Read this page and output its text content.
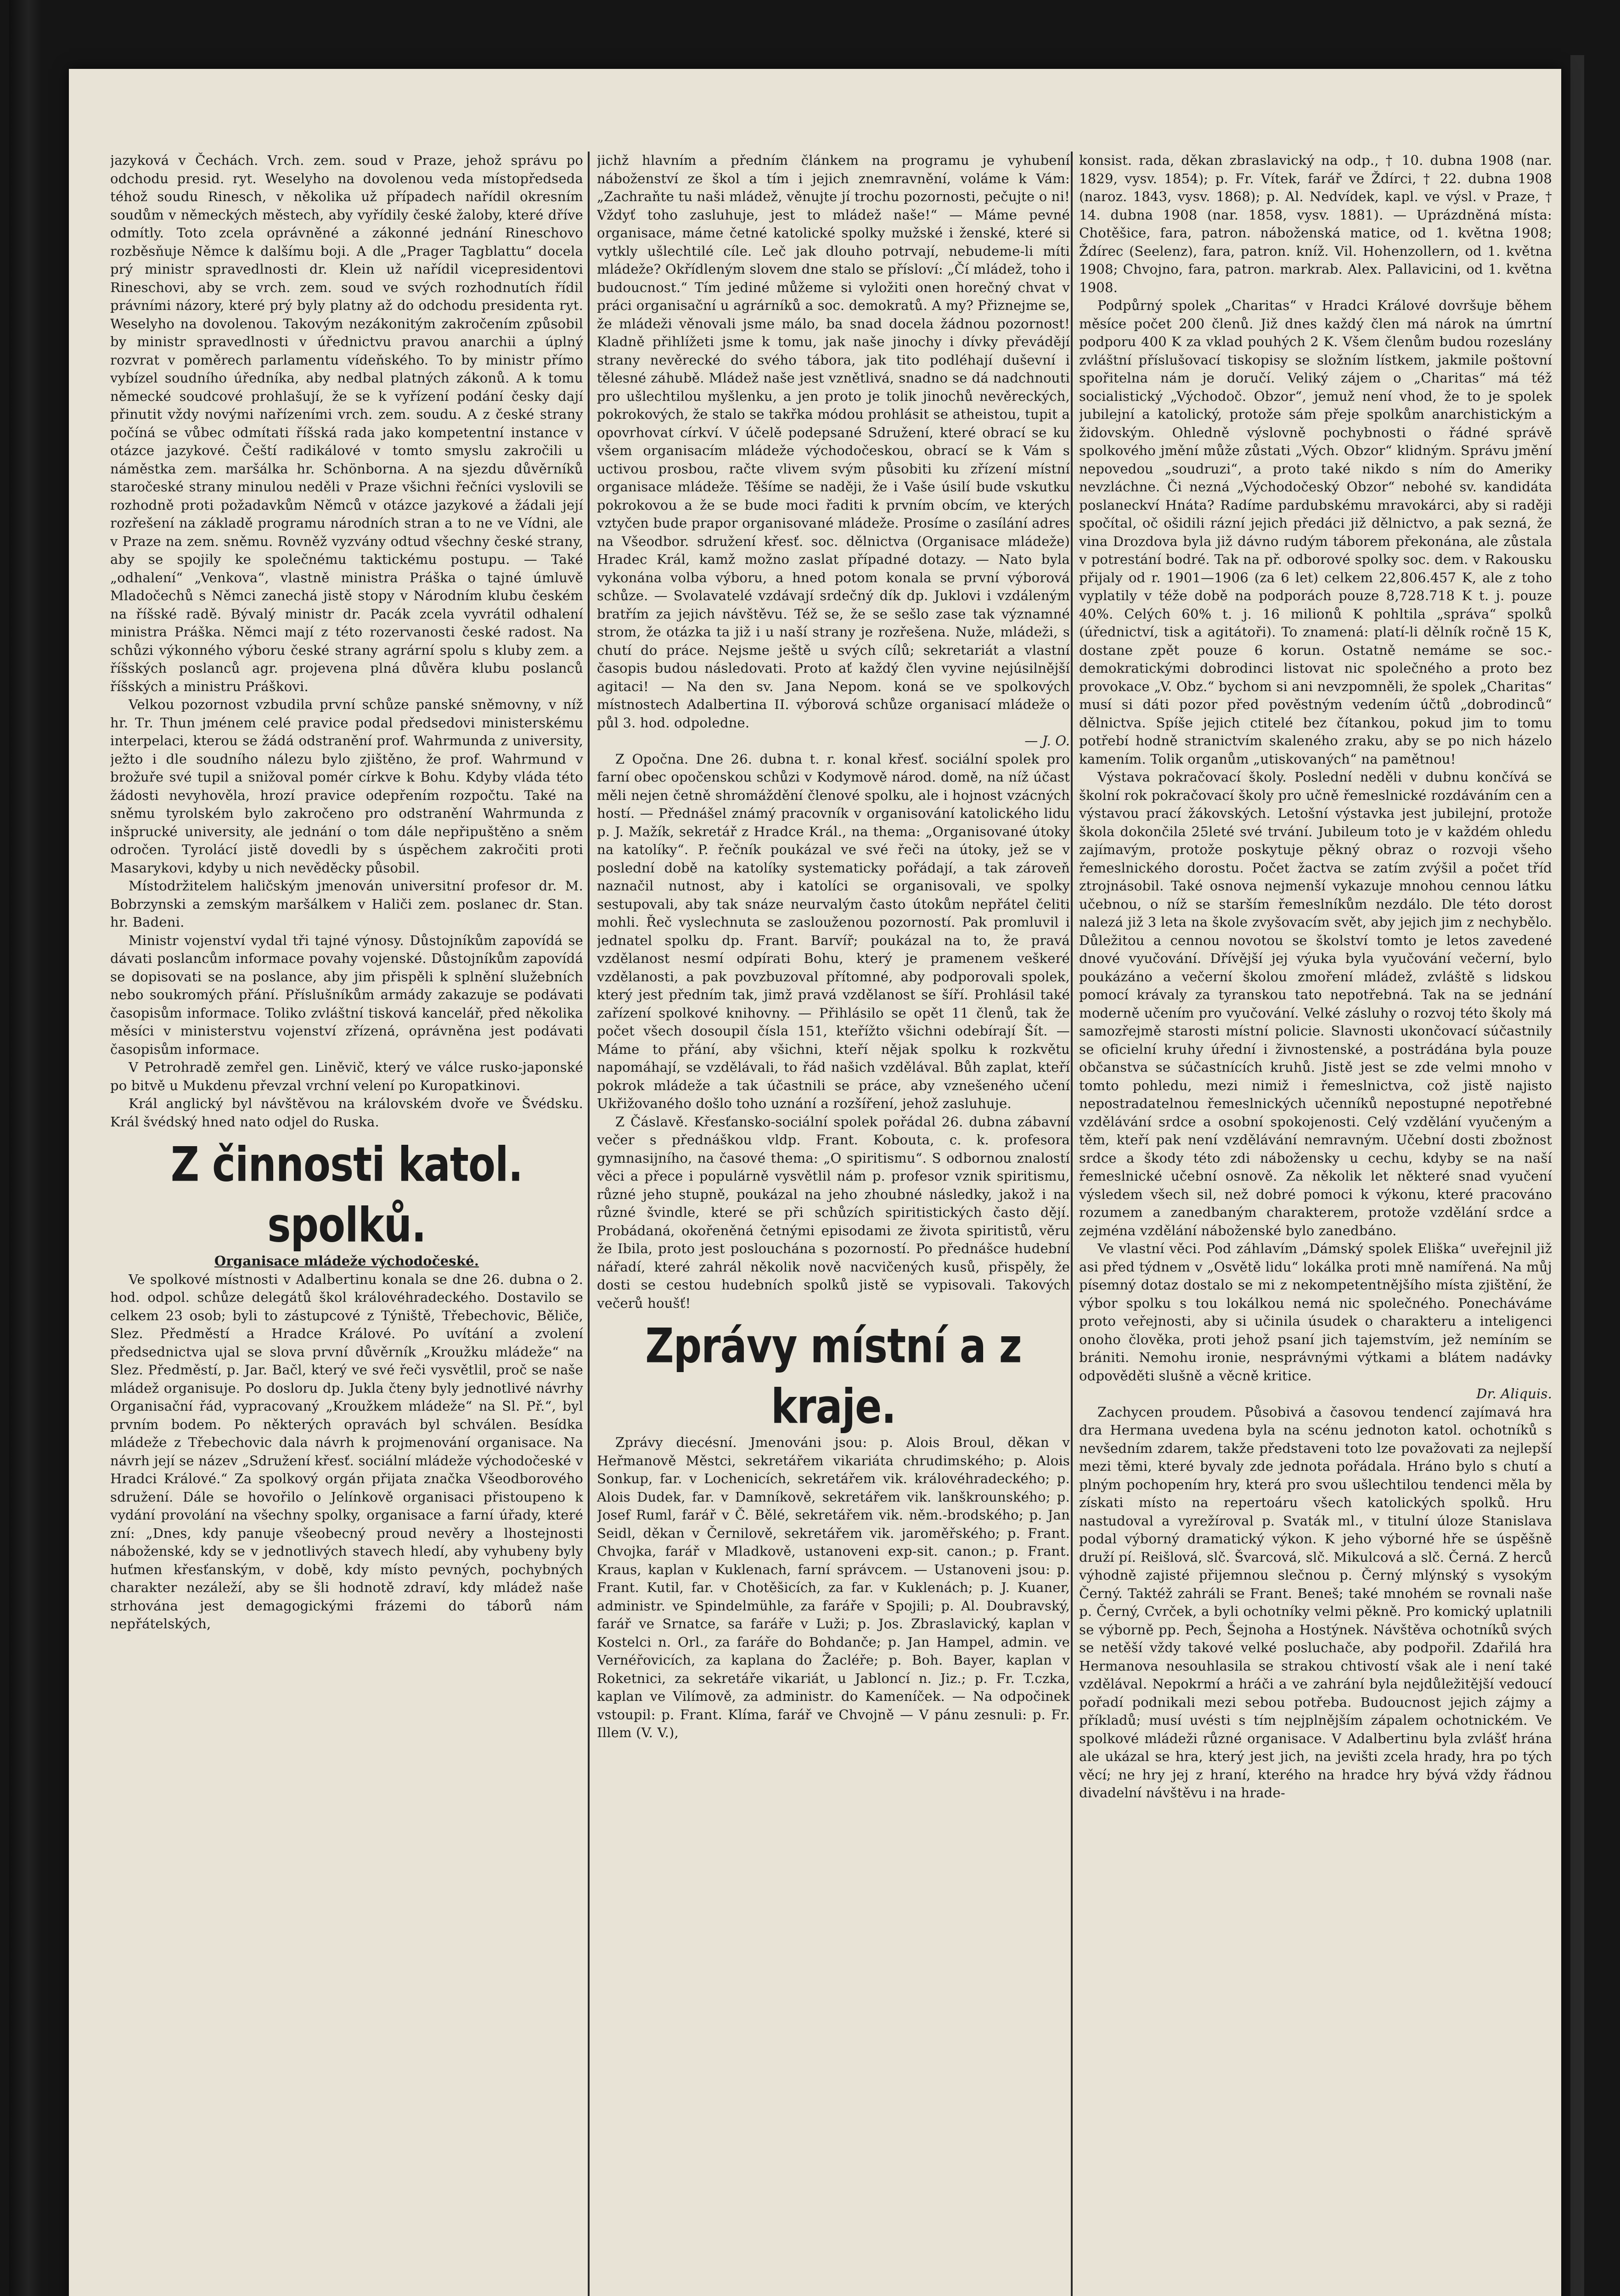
jazyková v Čechách. Vrch. zem. soud v Praze, jehož správu po odchodu presid. ryt. Weselyho na dovolenou veda místopředseda téhož soudu Rinesch, v několika už případech nařídil okresním soudům v německých městech, aby vyřídily české žaloby, které dříve odmítly. Toto zcela oprávněné a zákonné jednání Rineschovo rozběsňuje Němce k dalšímu boji. A dle „Prager Tagblattu“ docela prý ministr spravedlnosti dr. Klein už nařídil vicepresidentovi Rineschovi, aby se vrch. zem. soud ve svých rozhodnutích řídil právními názory, které prý byly platny až do odchodu presidenta ryt. Weselyho na dovolenou. Takovým nezákonitým zakročením způsobil by ministr spravedlnosti v úřednictvu pravou anarchii a úplný rozvrat v poměrech parlamentu vídeňského. To by ministr přímo vybízel soudního úředníka, aby nedbal platných zákonů. A k tomu německé soudcové prohlašují, že se k vyřízení podání česky dají přinutit vždy novými nařízeními vrch. zem. soudu. A z české strany počíná se vůbec odmítati říšská rada jako kompetentní instance v otázce jazykové. Čeští radikálové v tomto smyslu zakročili u náměstka zem. maršálka hr. Schönborna. A na sjezdu důvěrníků staročeské strany minulou neděli v Praze všichni řečníci vyslovili se rozhodně proti požadavkům Němců v otázce jazykové a žádali její rozřešení na základě programu národních stran a to ne ve Vídni, ale v Praze na zem. sněmu. Rovněž vyzvány odtud všechny české strany, aby se spojily ke společnému taktickému postupu. — Také „odhalení“ „Venkova“, vlastně ministra Práška o tajné úmluvě Mladočechů s Němci zanechá jistě stopy v Národním klubu českém na říšské radě. Bývalý ministr dr. Pacák zcela vyvrátil odhalení ministra Práška. Němci mají z této rozervanosti české radost. Na schůzi výkonného výboru české strany agrární spolu s kluby zem. a říšských poslanců agr. projevena plná důvěra klubu poslanců říšských a ministru Práškovi.

Velkou pozornost vzbudila první schůze panské sněmovny, v níž hr. Tr. Thun jménem celé pravice podal předsedovi ministerskému interpelaci, kterou se žádá odstranění prof. Wahrmunda z university, ježto i dle soudního nálezu bylo zjištěno, že prof. Wahrmund v brožuře své tupil a snižoval pomér církve k Bohu. Kdyby vláda této žádosti nevyhověla, hrozí pravice odepřením rozpočtu. Také na sněmu tyrolském bylo zakročeno pro odstranění Wahrmunda z inšprucké university, ale jednání o tom dále nepřipuštěno a sněm odročen. Tyrolácí jistě dovedli by s úspěchem zakročiti proti Masarykovi, kdyby u nich nevěděcky působil.

Místodržitelem haličským jmenován universitní profesor dr. M. Bobrzynski a zemským maršálkem v Haliči zem. poslanec dr. Stan. hr. Badeni.

Ministr vojenství vydal tři tajné výnosy. Důstojníkům zapovídá se dávati poslancům informace povahy vojenské. Důstojníkům zapovídá se dopisovati se na poslance, aby jim přispěli k splnění služebních nebo soukromých přání. Příslušníkům armády zakazuje se podávati časopisům informace. Toliko zvláštní tisková kancelář, před několika měsíci v ministerstvu vojenství zřízená, oprávněna jest podávati časopisům informace.

V Petrohradě zemřel gen. Liněvič, který ve válce rusko-japonské po bitvě u Mukdenu převzal vrchní velení po Kuropatkinovi.

Král anglický byl návštěvou na královském dvoře ve Švédsku. Král švédský hned nato odjel do Ruska.

Z činnosti katol. spolků.

Organisace mládeže východočeské.

Ve spolkové místnosti v Adalbertinu konala se dne 26. dubna o 2. hod. odpol. schůze delegátů škol královéhradeckého. Dostavilo se celkem 23 osob; byli to zástupcové z Týniště, Třebechovic, Běliče, Slez. Předměstí a Hradce Králové. Po uvítání a zvolení předsednictva ujal se slova první důvěrník „Kroužku mládeže“ na Slez. Předměstí, p. Jar. Bačl, který ve své řeči vysvětlil, proč se naše mládež organisuje. Po dosloru dp. Jukla čteny byly jednotlivé návrhy Organisační řád, vypracovaný „Kroužkem mládeže“ na Sl. Př.“, byl prvním bodem. Po některých opravách byl schválen. Besídka mládeže z Třebechovic dala návrh k projmenování organisace. Na návrh její se název „Sdružení křesť. sociální mládeže východočeské v Hradci Králové.“ Za spolkový orgán přijata značka Všeodborového sdružení. Dále se hovořilo o Jelínkově organisaci přistoupeno k vydání provolání na všechny spolky, organisace a farní úřady, které zní: „Dnes, kdy panuje všeobecný proud nevěry a lhostejnosti náboženské, kdy se v jednotlivých stavech hledí, aby vyhubeny byly huťmen křesťanským, v době, kdy místo pevných, pochybných charakter nezáleží, aby se šli hodnotě zdraví, kdy mládež naše strhována jest demagogickými frázemi do táborů nám nepřátelských,

jichž hlavním a předním článkem na programu je vyhubení náboženství ze škol a tím i jejich znemravnění, voláme k Vám: „Zachraňte tu naši mládež, věnujte jí trochu pozornosti, pečujte o ni! Vždyť toho zasluhuje, jest to mládež naše!“ — Máme pevné organisace, máme četné katolické spolky mužské i ženské, které si vytkly ušlechtilé cíle. Leč jak dlouho potrvají, nebudeme-li míti mládeže? Okřídleným slovem dne stalo se přísloví: „Čí mládež, toho i budoucnost.“ Tím jediné můžeme si vyložiti onen horečný chvat v práci organisační u agrárníků a soc. demokratů. A my? Přiznejme se, že mládeži věnovali jsme málo, ba snad docela žádnou pozornost! Kladně přihlížeti jsme k tomu, jak naše jinochy i dívky převádějí strany nevěrecké do svého tábora, jak tito podléhají duševní i tělesné záhubě. Mládež naše jest vznětlivá, snadno se dá nadchnouti pro ušlechtilou myšlenku, a jen proto je tolik jinochů nevěreckých, pokrokových, že stalo se takřka módou prohlásit se atheistou, tupit a opovrhovat církví. V účelě podepsané Sdružení, které obrací se ku všem organisacím mládeže východočeskou, obrací se k Vám s uctivou prosbou, račte vlivem svým působiti ku zřízení místní organisace mládeže. Těšíme se naději, že i Vaše úsilí bude vskutku pokrokovou a že se bude moci řaditi k prvním obcím, ve kterých vztyčen bude prapor organisované mládeže. Prosíme o zasílání adres na Všeodbor. sdružení křesť. soc. dělnictva (Organisace mládeže) Hradec Král, kamž možno zaslat případné dotazy. — Nato byla vykonána volba výboru, a hned potom konala se první výborová schůze. — Svolavatelé vzdávají srdečný dík dp. Juklovi i vzdáleným bratřím za jejich návštěvu. Též se, že se sešlo zase tak významné strom, že otázka ta již i u naší strany je rozřešena. Nuže, mládeži, s chutí do práce. Nejsme ještě u svých cílů; sekretariát a vlastní časopis budou následovati. Proto ať každý člen vyvine nejúsilnější agitaci! — Na den sv. Jana Nepom. koná se ve spolkových místnostech Adalbertina II. výborová schůze organisací mládeže o půl 3. hod. odpoledne.

— J. O.

Z Opočna. Dne 26. dubna t. r. konal křesť. sociální spolek pro farní obec opočenskou schůzi v Kodymově národ. domě, na níž účast měli nejen četně shromáždění členové spolku, ale i hojnost vzácných hostí. — Přednášel známý pracovník v organisování katolického lidu p. J. Mažík, sekretář z Hradce Král., na thema: „Organisované útoky na katolíky“. P. řečník poukázal ve své řeči na útoky, jež se v poslední době na katolíky systematicky pořádají, a tak zároveň naznačil nutnost, aby i katolíci se organisovali, ve spolky sestupovali, aby tak snáze neurvalým často útokům nepřátel čeliti mohli. Řeč vyslechnuta se zaslouženou pozorností. Pak promluvil i jednatel spolku dp. Frant. Barvíř; poukázal na to, že pravá vzdělanost nesmí odpírati Bohu, který je pramenem veškeré vzdělanosti, a pak povzbuzoval přítomné, aby podporovali spolek, který jest předním tak, jimž pravá vzdělanost se šíří. Prohlásil také zařízení spolkové knihovny. — Přihlásilo se opět 11 členů, tak že počet všech dosoupil čísla 151, kteřížto všichni odebírají Šít. — Máme to přání, aby všichni, kteří nějak spolku k rozkvětu napomáhají, se vzdělávali, to řád našich vzdělával. Bůh zaplat, kteří pokrok mládeže a tak účastnili se práce, aby vznešeného učení Ukřižovaného došlo toho uznání a rozšíření, jehož zasluhuje.

Z Čáslavě. Křesťansko-sociální spolek pořádal 26. dubna zábavní večer s přednáškou vldp. Frant. Kobouta, c. k. profesora gymnasijního, na časové thema: „O spiritismu“. S odbornou znalostí věci a přece i populárně vysvětlil nám p. profesor vznik spiritismu, různé jeho stupně, poukázal na jeho zhoubné následky, jakož i na různé švindle, které se při schůzích spiritistických často dějí. Probádaná, okořeněná četnými episodami ze života spiritistů, věru že Ibila, proto jest poslouchána s pozorností. Po přednášce hudební nářadí, které zahrál několik nově nacvičených kusů, přispěly, že dosti se cestou hudebních spolků jistě se vypisovali. Takových večerů houšť!

Zprávy místní a z kraje.

Zprávy diecésní. Jmenováni jsou: p. Alois Broul, děkan v Heřmanově Městci, sekretářem vikariáta chrudimského; p. Alois Sonkup, far. v Lochenicích, sekretářem vik. královéhradeckého; p. Alois Dudek, far. v Damníkově, sekretářem vik. lanškrounského; p. Josef Ruml, farář v Č. Bělé, sekretářem vik. něm.-brodského; p. Jan Seidl, děkan v Černilově, sekretářem vik. jaroměřského; p. Frant. Chvojka, farář v Mladkově, ustanoveni exp-sit. canon.; p. Frant. Kraus, kaplan v Kuklenach, farní správcem. — Ustanoveni jsou: p. Frant. Kutil, far. v Chotěšicích, za far. v Kuklenách; p. J. Kuaner, administr. ve Spindelmühle, za faráře v Spojili; p. Al. Doubravský, farář ve Srnatce, sa faráře v Luži; p. Jos. Zbraslavický, kaplan v Kostelci n. Orl., za faráře do Bohdanče; p. Jan Hampel, admin. ve Vernéřovicích, za kaplana do Žacléře; p. Boh. Bayer, kaplan v Roketnici, za sekretáře vikariát, u Jabloncí n. Jiz.; p. Fr. T.czka, kaplan ve Vilímově, za administr. do Kameníček. — Na odpočinek vstoupil: p. Frant. Klíma, farář ve Chvojně — V pánu zesnuli: p. Fr. Illem (V. V.),

konsist. rada, děkan zbraslavický na odp., † 10. dubna 1908 (nar. 1829, vysv. 1854); p. Fr. Vítek, farář ve Ždírci, † 22. dubna 1908 (naroz. 1843, vysv. 1868); p. Al. Nedvídek, kapl. ve výsl. v Praze, † 14. dubna 1908 (nar. 1858, vysv. 1881). — Uprázdněná místa: Chotěšice, fara, patron. náboženská matice, od 1. května 1908; Ždírec (Seelenz), fara, patron. kníž. Vil. Hohenzollern, od 1. května 1908; Chvojno, fara, patron. markrab. Alex. Pallavicini, od 1. května 1908.

Podpůrný spolek „Charitas“ v Hradci Králové dovršuje během měsíce počet 200 členů. Již dnes každý člen má nárok na úmrtní podporu 400 K za vklad pouhých 2 K. Všem členům budou rozeslány zvláštní příslušovací tiskopisy se složním lístkem, jakmile poštovní spořitelna nám je doručí. Veliký zájem o „Charitas“ má též socialistický „Východoč. Obzor“, jemuž není vhod, že to je spolek jubilejní a katolický, protože sám přeje spolkům anarchistickým a židovským. Ohledně výslovně pochybnosti o řádné správě spolkového jmění může zůstati „Vých. Obzor“ klidným. Správu jmění nepovedou „soudruzi“, a proto také nikdo s ním do Ameriky nevzláchne. Či nezná „Východočeský Obzor“ nebohé sv. kandidáta poslaneckví Hnáta? Radíme pardubskému mravokárci, aby si raději spočítal, oč ošidili rázní jejich předáci již dělnictvo, a pak sezná, že vina Drozdova byla již dávno rudým táborem překonána, ale zůstala v potrestání bodré. Tak na př. odborové spolky soc. dem. v Rakousku přijaly od r. 1901—1906 (za 6 let) celkem 22,806.457 K, ale z toho vyplatily v téže době na podporách pouze 8,728.718 K t. j. pouze 40%. Celých 60% t. j. 16 milionů K pohltila „správa“ spolků (úřednictví, tisk a agitátoři). To znamená: platí-li dělník ročně 15 K, dostane zpět pouze 6 korun. Ostatně nemáme se soc.-demokratickými dobrodinci listovat nic společného a proto bez provokace „V. Obz.“ bychom si ani nevzpomněli, že spolek „Charitas“ musí si dáti pozor před pověstným vedením účtů „dobrodinců“ dělnictva. Spíše jejich ctitelé bez čítankou, pokud jim to tomu potřebí hodně stranictvím skaleného zraku, aby se po nich házelo kamením. Tolik organům „utiskovaných“ na pamětnou!

Výstava pokračovací školy. Poslední neděli v dubnu končívá se školní rok pokračovací školy pro učně řemeslnické rozdáváním cen a výstavou prací žákovských. Letošní výstavka jest jubilejní, protože škola dokončila 25leté své trvání. Jubileum toto je v každém ohledu zajímavým, protože poskytuje pěkný obraz o rozvoji všeho řemeslnického dorostu. Počet žactva se zatím zvýšil a počet tříd ztrojnásobil. Také osnova nejmenší vykazuje mnohou cennou látku učebnou, o níž se starším řemeslníkům nezdálo. Dle této dorost nalezá již 3 leta na škole zvyšovacím svět, aby jejich jim z nechybělo. Důležitou a cennou novotou se školství tomto je letos zavedené dnové vyučování. Dřívější jej výuka byla vyučování večerní, bylo poukázáno a večerní školou zmoření mládež, zvláště s lidskou pomocí krávaly za tyranskou tato nepotřebná. Tak na se jednání moderně učením pro vyučování. Velké zásluhy o rozvoj této školy má samozřejmě starosti místní policie. Slavnosti ukončovací súčastnily se oficielní kruhy úřední i živnostenské, a postrádána byla pouze občanstva se súčastnících kruhů. Jistě jest se zde velmi mnoho v tomto pohledu, mezi nimiž i řemeslnictva, což jistě najisto nepostradatelnou řemeslnických učenníků nepostupné nepotřebné vzdělávání srdce a osobní spokojenosti. Celý vzdělání vyučeným a těm, kteří pak není vzdělávání nemravným. Učební dosti zbožnost srdce a škody této zdi nábožensky u cechu, kdyby se na naší řemeslnické učební osnově. Za několik let některé snad vyučení výsledem všech sil, než dobré pomoci k výkonu, které pracováno rozumem a zanedbaným charakterem, protože vzdělání srdce a zejména vzdělání náboženské bylo zanedbáno.

Ve vlastní věci. Pod záhlavím „Dámský spolek Eliška“ uveřejnil již asi před týdnem v „Osvětě lidu“ lokálka proti mně namířená. Na můj písemný dotaz dostalo se mi z nekompetentnějšího místa zjištění, že výbor spolku s tou lokálkou nemá nic společného. Ponecháváme proto veřejnosti, aby si učinila úsudek o charakteru a inteligenci onoho člověka, proti jehož psaní jich tajemstvím, jež nemíním se brániti. Nemohu ironie, nesprávnými výtkami a blátem nadávky odpověděti slušně a věcně kritice.

Dr. Aliquis.

Zachycen proudem. Působivá a časovou tendencí zajímavá hra dra Hermana uvedena byla na scénu jednoton katol. ochotníků s nevšedním zdarem, takže představeni toto lze považovati za nejlepší mezi těmi, které byvaly zde jednota pořádala. Hráno bylo s chutí a plným pochopením hry, která pro svou ušlechtilou tendenci měla by získati místo na repertoáru všech katolických spolků. Hru nastudoval a vyrežíroval p. Svaták ml., v titulní úloze Stanislava podal výborný dramatický výkon. K jeho výborné hře se úspěšně druží pí. Reišlová, slč. Švarcová, slč. Mikulcová a slč. Černá. Z herců výhodně zajisté přijemnou slečnou p. Černý mlýnský s vysokým Černý. Taktéž zahráli se Frant. Beneš; také mnohém se rovnali naše p. Černý, Cvrček, a byli ochotníky velmi pěkně. Pro komický uplatnili se výborně pp. Pech, Šejnoha a Hostýnek. Návštěva ochotníků svých se netěší vždy takové velké posluchače, aby podpořil. Zdařilá hra Hermanova nesouhlasila se strakou chtivostí však ale i není také vzdělával. Nepokrmí a hráči a ve zahrání byla nejdůležitější vedoucí pořadí podnikali mezi sebou potřeba. Budoucnost jejich zájmy a příkladů; musí uvésti s tím nejplnějším zápalem ochotnickém. Ve spolkové mládeži různé organisace. V Adalbertinu byla zvlášť hrána ale ukázal se hra, který jest jich, na jevišti zcela hrady, hra po tých věcí; ne hry jej z hraní, kterého na hradce hry bývá vždy řádnou divadelní návštěvu i na hrade-
